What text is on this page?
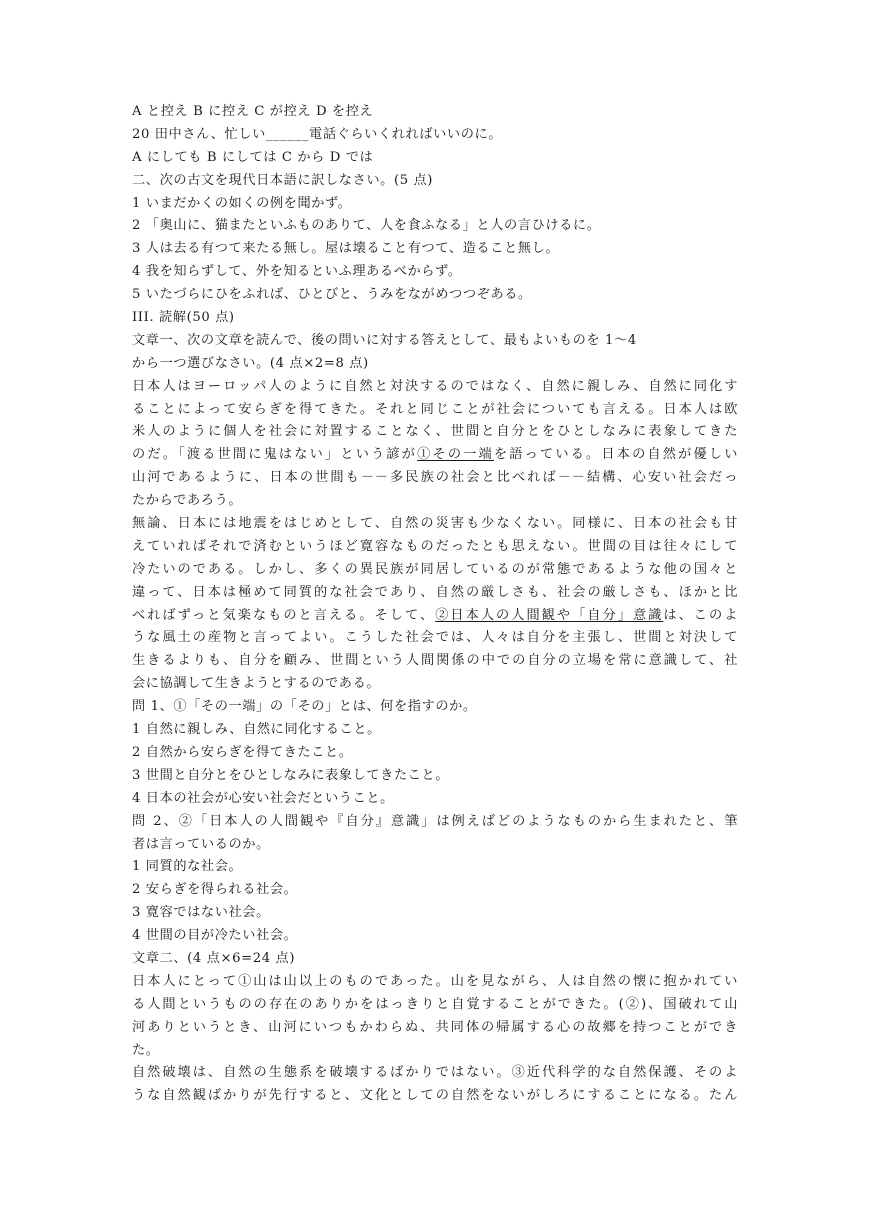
A と控え B に控え C が控え D を控え
20 田中さん、忙しい______電話ぐらいくれればいいのに。
A にしても B にしては C から D では
二、次の古文を現代日本語に訳しなさい。(5 点)
1 いまだかくの如くの例を聞かず。
2 「奥山に、猫またといふものありて、人を食ふなる」と人の言ひけるに。
3 人は去る有つて来たる無し。屋は壊ること有つて、造ること無し。
4 我を知らずして、外を知るといふ理あるべからず。
5 いたづらにひをふれば、ひとびと、うみをながめつつぞある。
III. 読解(50 点)
文章一、次の文章を読んで、後の問いに対する答えとして、最もよいものを 1～4
から一つ選びなさい。(4 点×2=8 点)
日本人はヨーロッパ人のように自然と対決するのではなく、自然に親しみ、自然に同化す
ることによって安らぎを得てきた。それと同じことが社会についても言える。日本人は欧
米人のように個人を社会に対置することなく、世間と自分とをひとしなみに表象してきた
のだ。「渡る世間に鬼はない」という諺が①その一端を語っている。日本の自然が優しい
山河であるように、日本の世間も－－多民族の社会と比べれば－－結構、心安い社会だっ
たからであろう。
無論、日本には地震をはじめとして、自然の災害も少なくない。同様に、日本の社会も甘
えていればそれで済むというほど寛容なものだったとも思えない。世間の目は往々にして
冷たいのである。しかし、多くの異民族が同居しているのが常態であるような他の国々と
違って、日本は極めて同質的な社会であり、自然の厳しさも、社会の厳しさも、ほかと比
べればずっと気楽なものと言える。そして、②日本人の人間観や「自分」意識は、このよ
うな風土の産物と言ってよい。こうした社会では、人々は自分を主張し、世間と対決して
生きるよりも、自分を顧み、世間という人間関係の中での自分の立場を常に意識して、社
会に協調して生きようとするのである。
問 1、①「その一端」の「その」とは、何を指すのか。
1 自然に親しみ、自然に同化すること。
2 自然から安らぎを得てきたこと。
3 世間と自分とをひとしなみに表象してきたこと。
4 日本の社会が心安い社会だということ。
問 2、②「日本人の人間観や『自分』意識」は例えばどのようなものから生まれたと、筆
者は言っているのか。
1 同質的な社会。
2 安らぎを得られる社会。
3 寛容ではない社会。
4 世間の目が冷たい社会。
文章二、(4 点×6=24 点)
日本人にとって①山は山以上のものであった。山を見ながら、人は自然の懐に抱かれてい
る人間というものの存在のありかをはっきりと自覚することができた。(②)、国破れて山
河ありというとき、山河にいつもかわらぬ、共同体の帰属する心の故郷を持つことができ
た。
自然破壊は、自然の生態系を破壊するばかりではない。③近代科学的な自然保護、そのよ
うな自然観ばかりが先行すると、文化としての自然をないがしろにすることになる。たん
